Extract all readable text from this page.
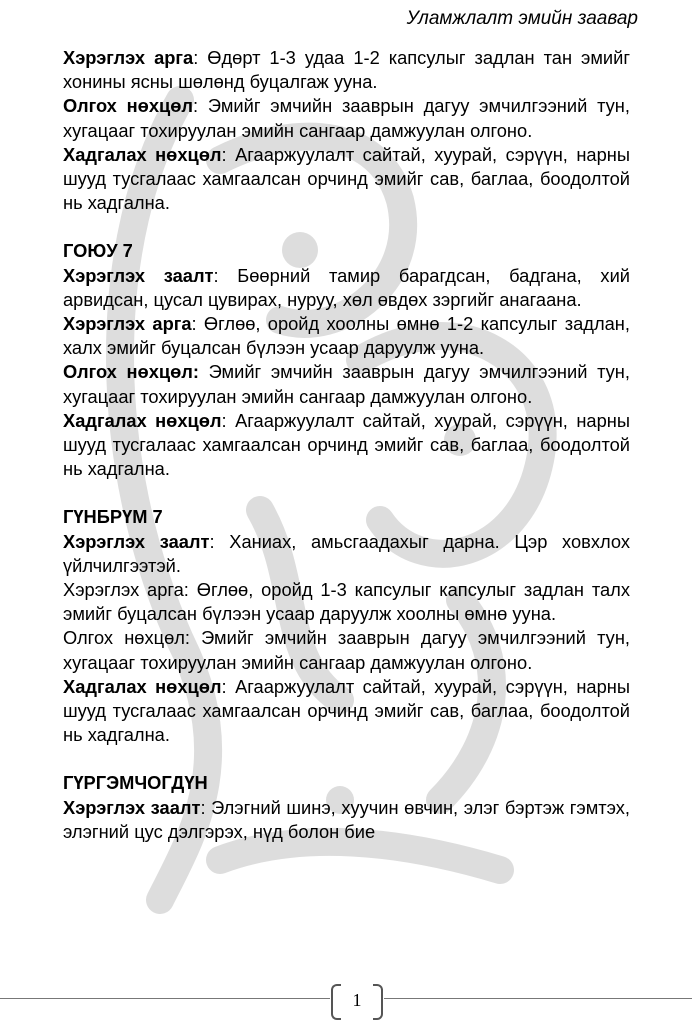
Уламжлалт эмийн заавар

Хэрэглэх арга: Өдөрт 1-3 удаа 1-2 капсулыг задлан тан эмийг хонины ясны шөлөнд буцалгаж ууна.

Олгох нөхцөл: Эмийг эмчийн зааврын дагуу эмчилгээний тун, хугацааг тохируулан эмийн сангаар дамжуулан олгоно.

Хадгалах нөхцөл: Агааржуулалт сайтай, хуурай, сэрүүн, нарны шууд тусгалаас хамгаалсан орчинд эмийг сав, баглаа, боодолтой нь хадгална.

ГОЮУ 7

Хэрэглэх заалт: Бөөрний тамир барагдсан, бадгана, хий арвидсан, цусал цувирах, нуруу, хөл өвдөх зэргийг анагаана.

Хэрэглэх арга: Өглөө, оройд хоолны өмнө 1-2 капсулыг задлан, халх эмийг буцалсан бүлээн усаар даруулж ууна.

Олгох нөхцөл: Эмийг эмчийн зааврын дагуу эмчилгээний тун, хугацааг тохируулан эмийн сангаар дамжуулан олгоно.

Хадгалах нөхцөл: Агааржуулалт сайтай, хуурай, сэрүүн, нарны шууд тусгалаас хамгаалсан орчинд эмийг сав, баглаа, боодолтой нь хадгална.

ГҮНБРҮМ 7

Хэрэглэх заалт: Ханиах, амьсгаадахыг дарна. Цэр ховхлох үйлчилгээтэй.

Хэрэглэх арга: Өглөө, оройд 1-3 капсулыг капсулыг задлан талх эмийг буцалсан бүлээн усаар даруулж хоолны өмнө ууна.

Олгох нөхцөл: Эмийг эмчийн зааврын дагуу эмчилгээний тун, хугацааг тохируулан эмийн сангаар дамжуулан олгоно.

Хадгалах нөхцөл: Агааржуулалт сайтай, хуурай, сэрүүн, нарны шууд тусгалаас хамгаалсан орчинд эмийг сав, баглаа, боодолтой нь хадгална.

ГҮРГЭМЧОГДҮН

Хэрэглэх заалт: Элэгний шинэ, хуучин өвчин, элэг бэртэж гэмтэх, элэгний цус дэлгэрэх, нүд болон бие

1
